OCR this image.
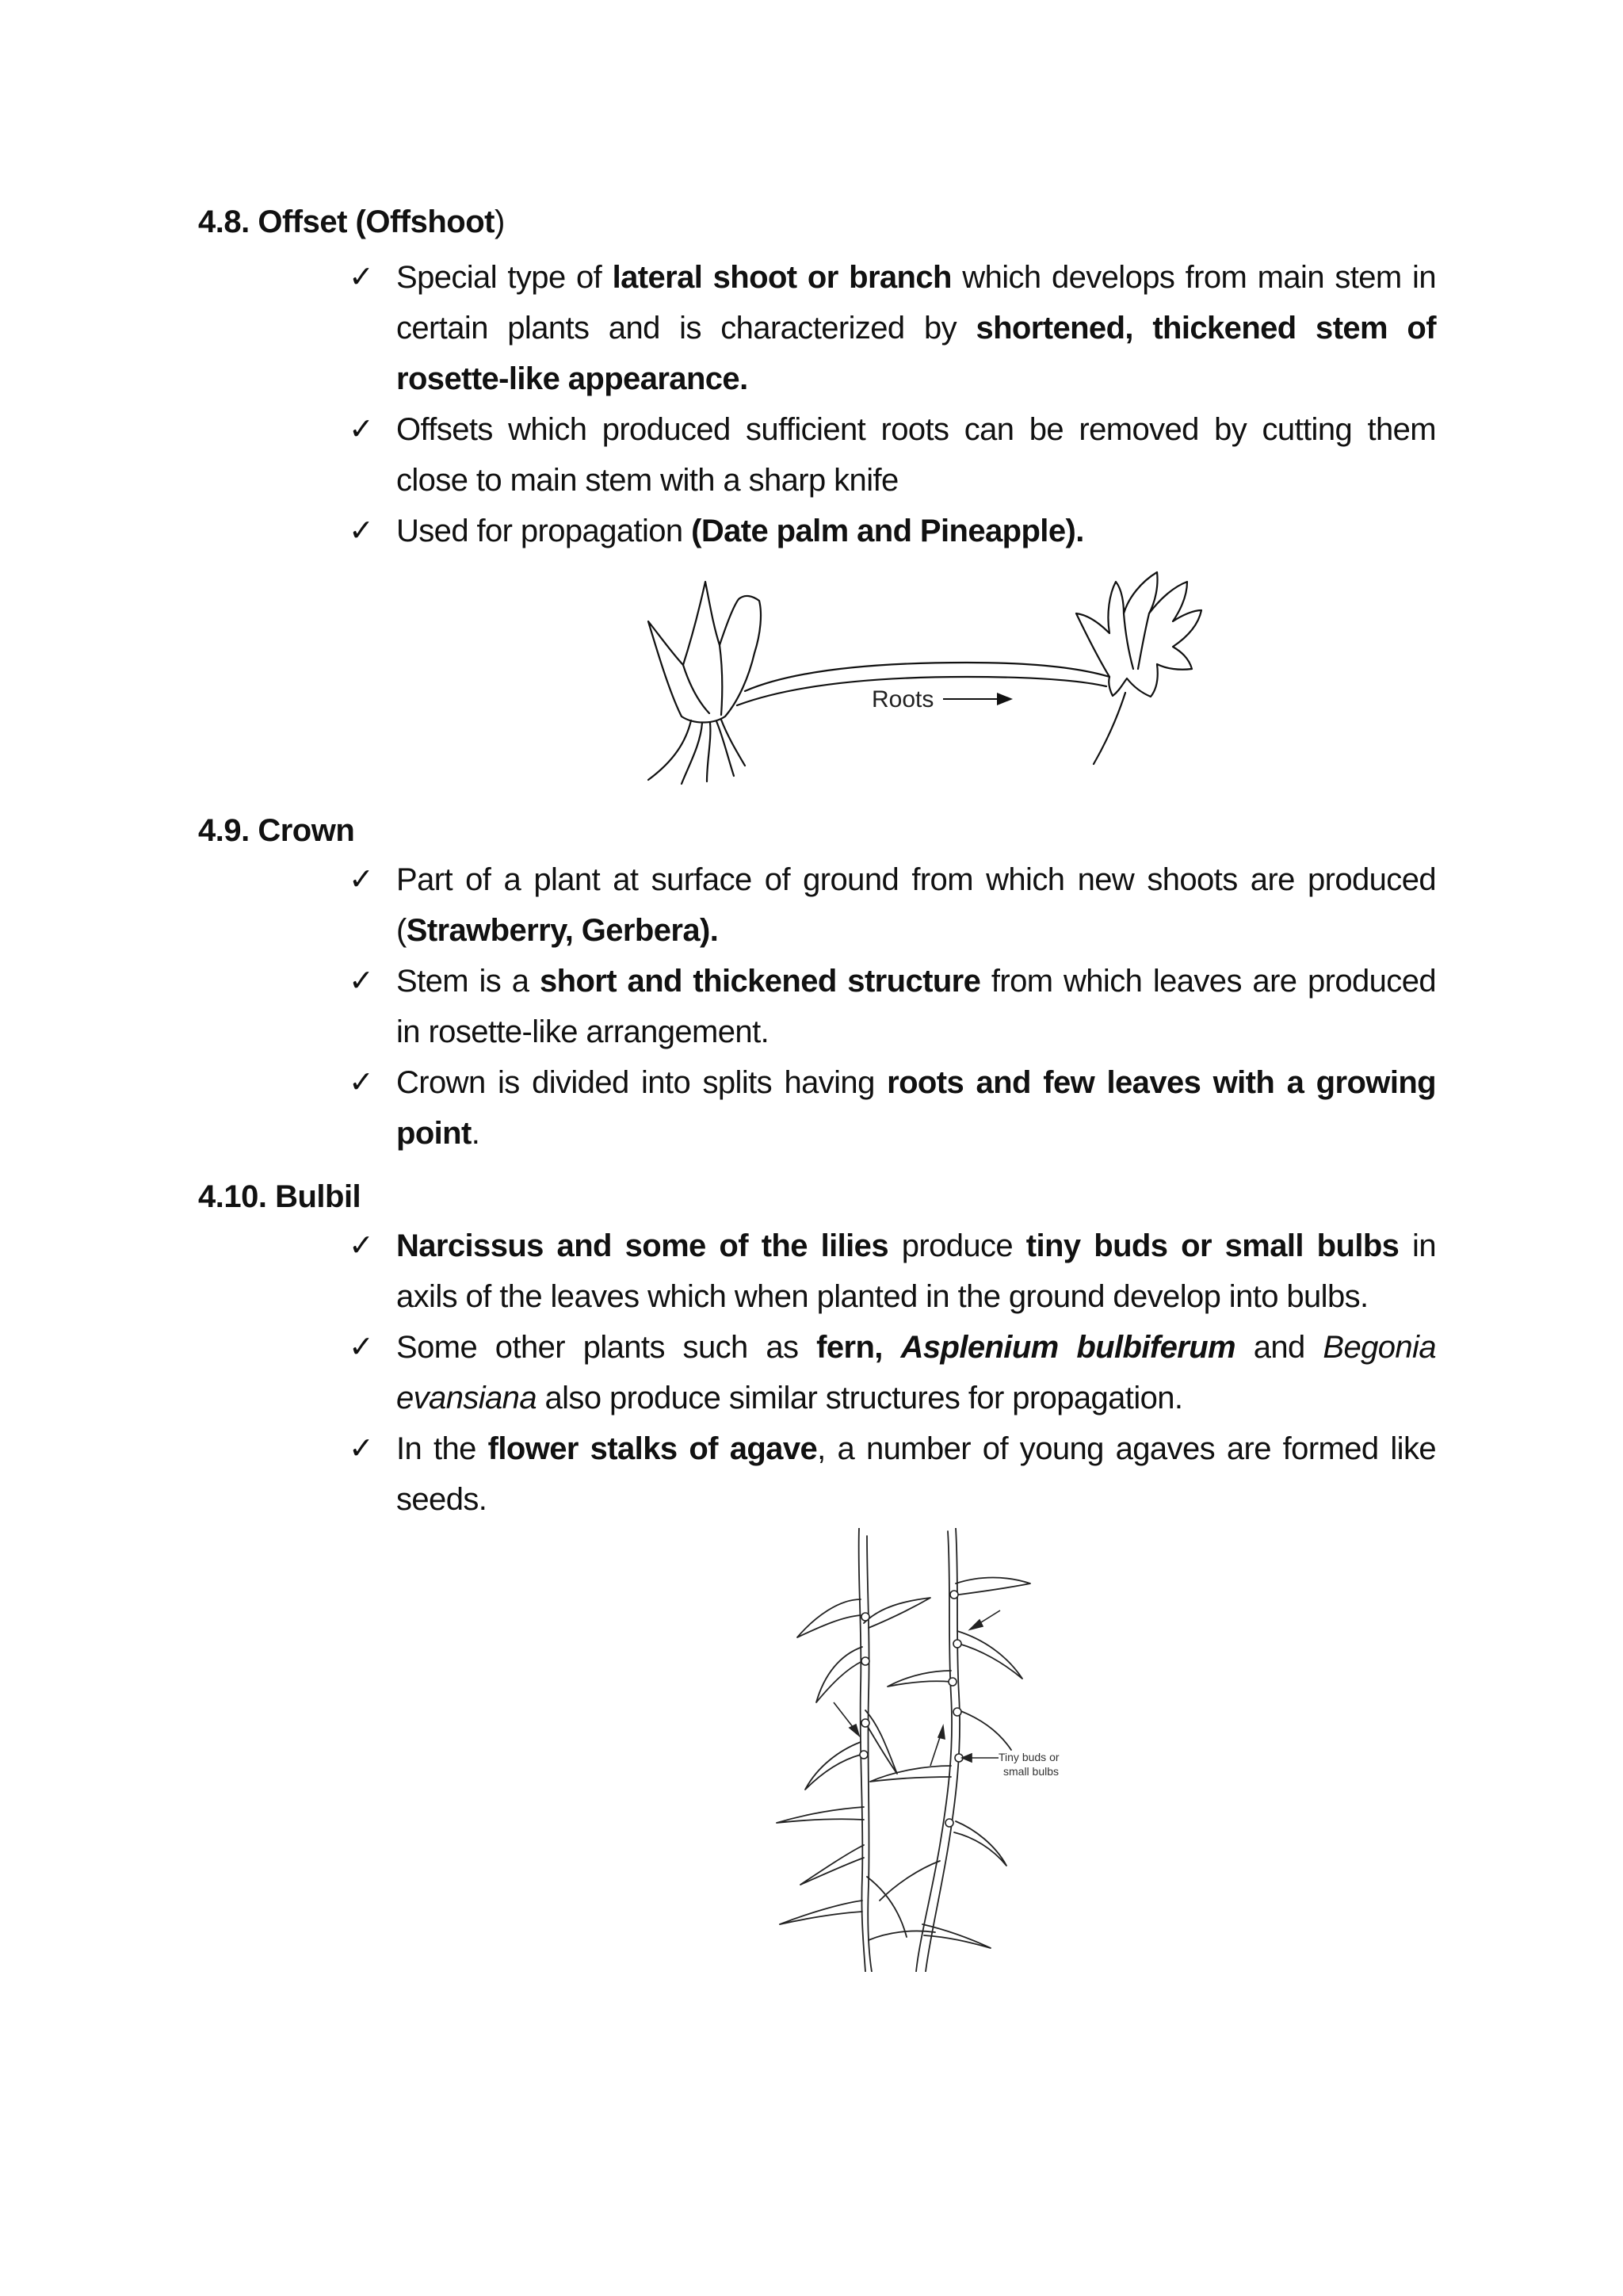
4.8. Offset (Offshoot)
✓ Special type of lateral shoot or branch which develops from main stem in certain plants and is characterized by shortened, thickened stem of rosette-like appearance.
✓ Offsets which produced sufficient roots can be removed by cutting them close to main stem with a sharp knife
✓ Used for propagation (Date palm and Pineapple).
Roots
4.9. Crown
✓ Part of a plant at surface of ground from which new shoots are produced (Strawberry, Gerbera).
✓ Stem is a short and thickened structure from which leaves are produced in rosette-like arrangement.
✓ Crown is divided into splits having roots and few leaves with a growing point.
4.10. Bulbil
✓ Narcissus and some of the lilies produce tiny buds or small bulbs in axils of the leaves which when planted in the ground develop into bulbs.
✓ Some other plants such as fern, Asplenium bulbiferum and Begonia evansiana also produce similar structures for propagation.
✓ In the flower stalks of agave, a number of young agaves are formed like seeds.
Tiny buds or
small bulbs
